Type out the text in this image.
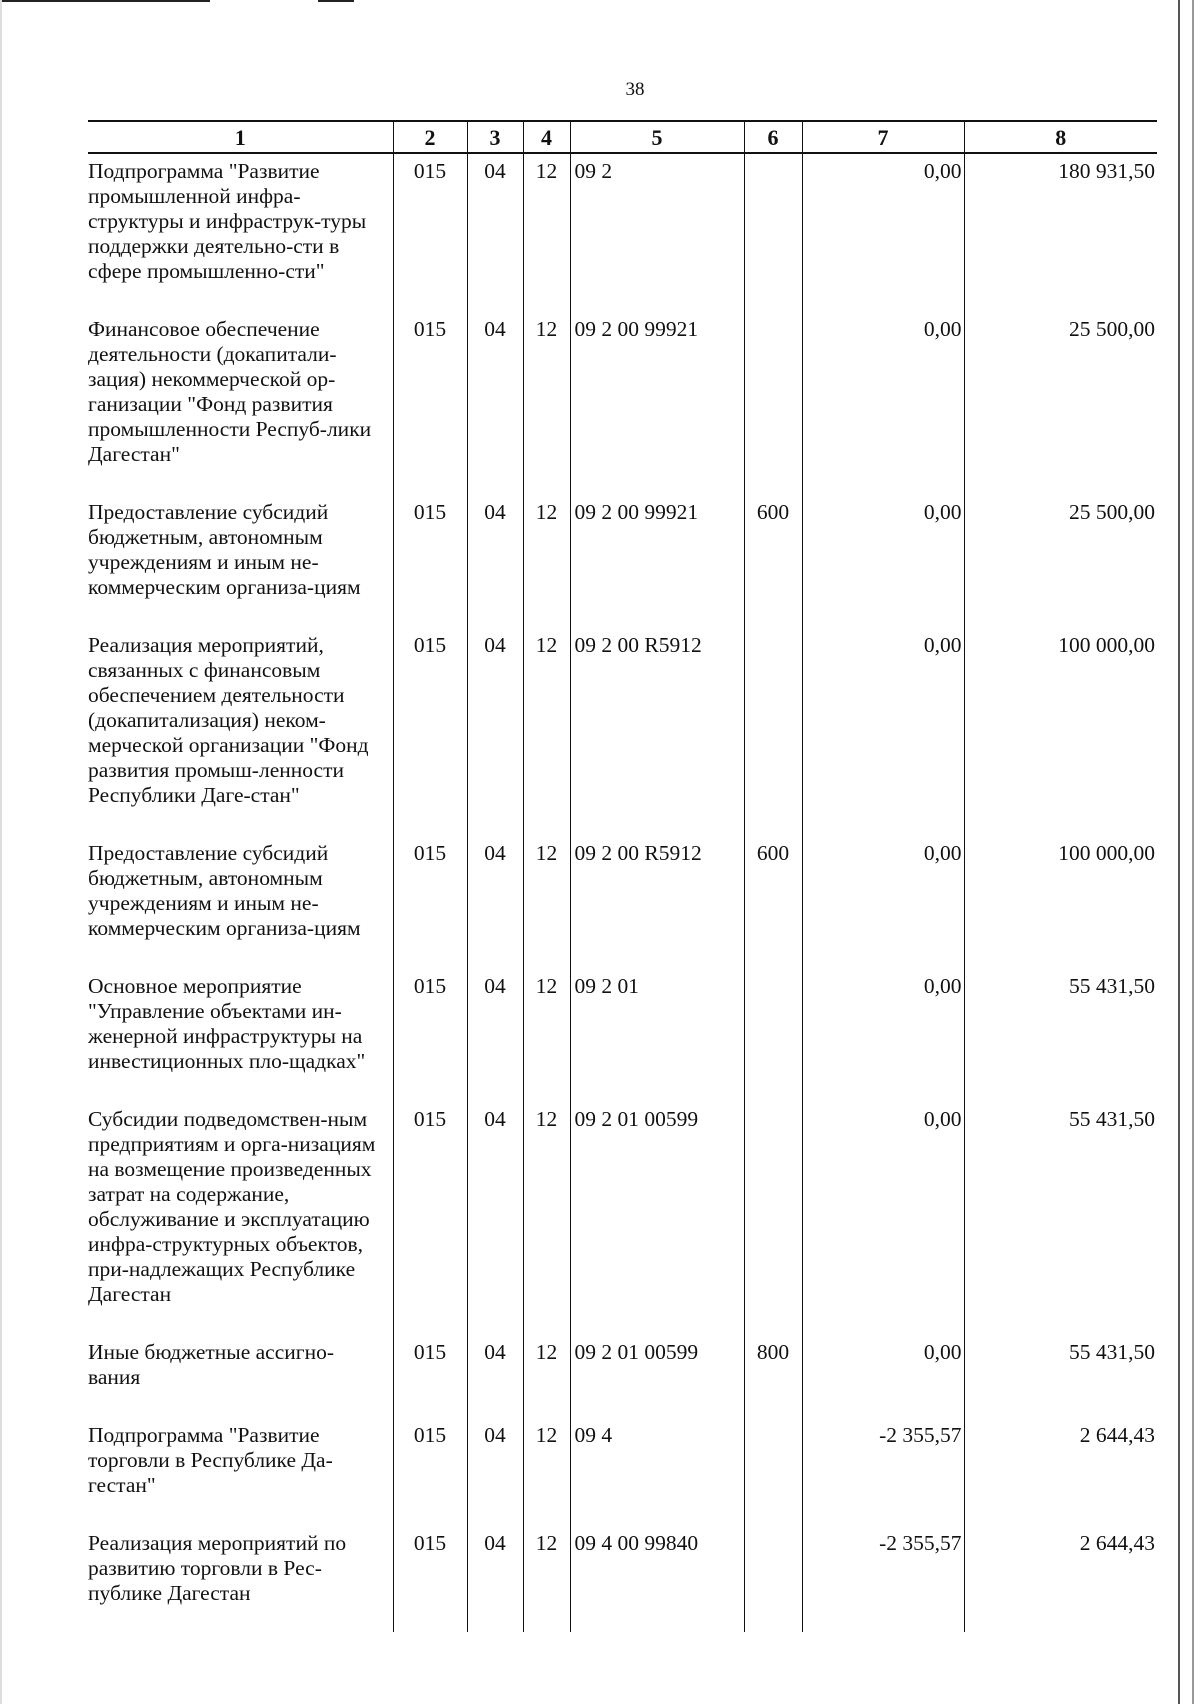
38
1	2	3	4	5	6	7	8
Подпрограмма "Развитие промышленной инфра-структуры и инфраструк-туры поддержки деятельно-сти в сфере промышленно-сти"	015	04	12	09 2		0,00	180 931,50
Финансовое обеспечение деятельности (докапитали-зация) некоммерческой ор-ганизации "Фонд развития промышленности Респуб-лики Дагестан"	015	04	12	09 2 00 99921		0,00	25 500,00
Предоставление субсидий бюджетным, автономным учреждениям и иным не-коммерческим организа-циям	015	04	12	09 2 00 99921	600	0,00	25 500,00
Реализация мероприятий, связанных с финансовым обеспечением деятельности (докапитализация) неком-мерческой организации "Фонд развития промыш-ленности Республики Даге-стан"	015	04	12	09 2 00 R5912		0,00	100 000,00
Предоставление субсидий бюджетным, автономным учреждениям и иным не-коммерческим организа-циям	015	04	12	09 2 00 R5912	600	0,00	100 000,00
Основное мероприятие "Управление объектами ин-женерной инфраструктуры на инвестиционных пло-щадках"	015	04	12	09 2 01		0,00	55 431,50
Субсидии подведомствен-ным предприятиям и орга-низациям на возмещение произведенных затрат на содержание, обслуживание и эксплуатацию инфра-структурных объектов, при-надлежащих Республике Дагестан	015	04	12	09 2 01 00599		0,00	55 431,50
Иные бюджетные ассигно-вания	015	04	12	09 2 01 00599	800	0,00	55 431,50
Подпрограмма "Развитие торговли в Республике Да-гестан"	015	04	12	09 4		-2 355,57	2 644,43
Реализация мероприятий по развитию торговли в Рес-публике Дагестан	015	04	12	09 4 00 99840		-2 355,57	2 644,43
